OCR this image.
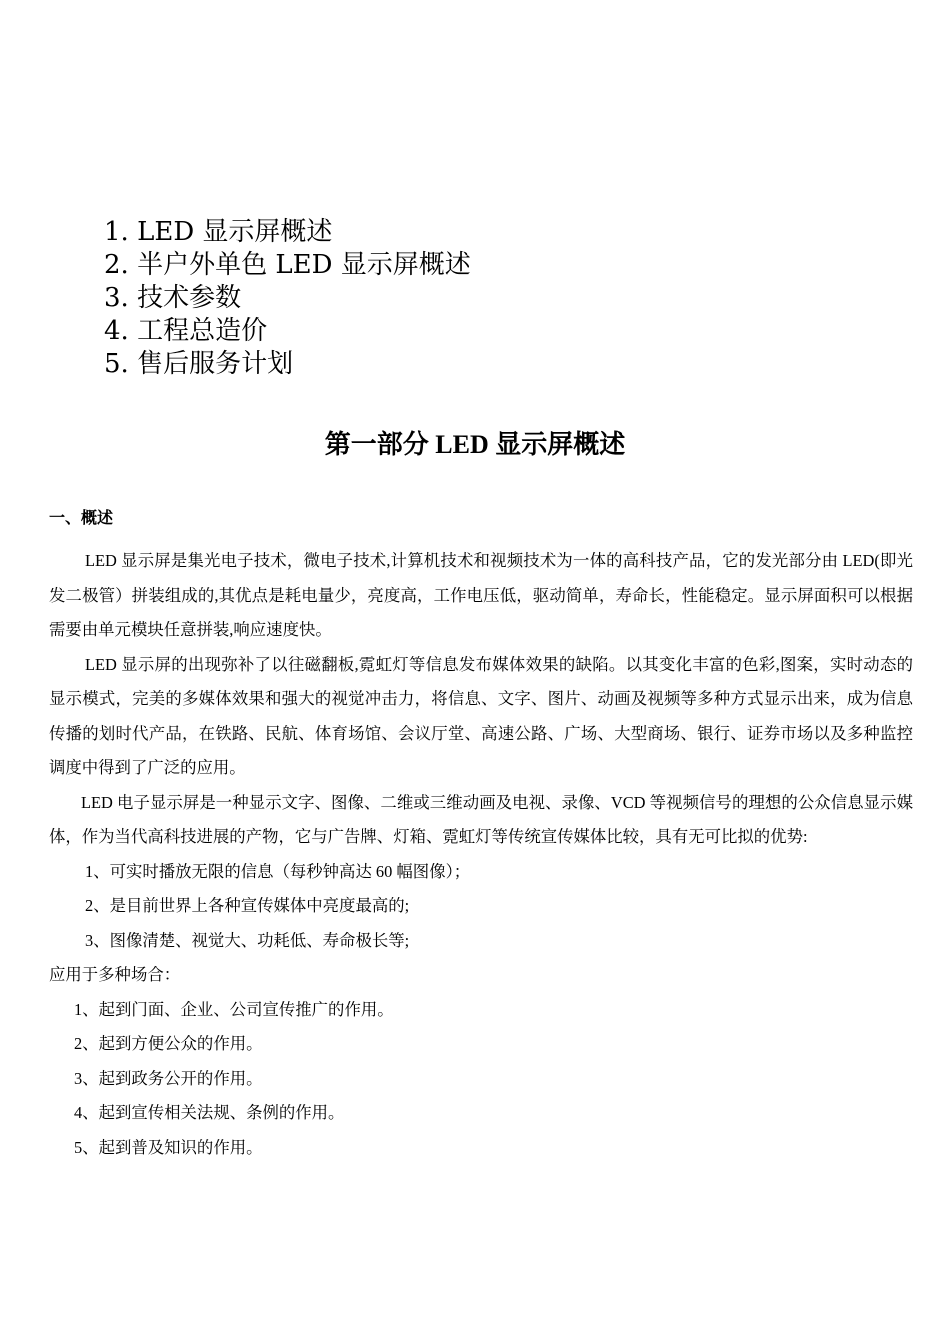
1. LED 显示屏概述
2. 半户外单色 LED 显示屏概述
3. 技术参数
4. 工程总造价
5. 售后服务计划
第一部分 LED 显示屏概述
一、概述

LED 显示屏是集光电子技术，微电子技术,计算机技术和视频技术为一体的高科技产品，它的发光部分由 LED(即光发二极管）拼装组成的,其优点是耗电量少，亮度高，工作电压低，驱动简单，寿命长，性能稳定。显示屏面积可以根据需要由单元模块任意拼装,响应速度快。

LED 显示屏的出现弥补了以往磁翻板,霓虹灯等信息发布媒体效果的缺陷。以其变化丰富的色彩,图案，实时动态的显示模式，完美的多媒体效果和强大的视觉冲击力，将信息、文字、图片、动画及视频等多种方式显示出来，成为信息传播的划时代产品，在铁路、民航、体育场馆、会议厅堂、高速公路、广场、大型商场、银行、证券市场以及多种监控调度中得到了广泛的应用。

LED 电子显示屏是一种显示文字、图像、二维或三维动画及电视、录像、VCD 等视频信号的理想的公众信息显示媒体，作为当代高科技进展的产物，它与广告牌、灯箱、霓虹灯等传统宣传媒体比较，具有无可比拟的优势:

1、可实时播放无限的信息（每秒钟高达 60 幅图像）；

2、是目前世界上各种宣传媒体中亮度最高的;

3、图像清楚、视觉大、功耗低、寿命极长等;

应用于多种场合：

1、起到门面、企业、公司宣传推广的作用。

2、起到方便公众的作用。

3、起到政务公开的作用。

4、起到宣传相关法规、条例的作用。

5、起到普及知识的作用。
